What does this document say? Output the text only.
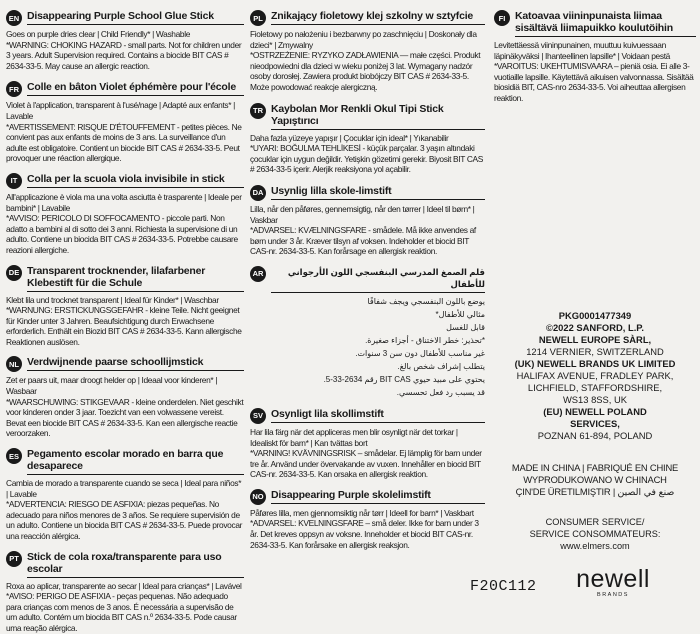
EN Disappearing Purple School Glue Stick

Goes on purple dries clear | Child Friendly* | Washable

*WARNING: CHOKING HAZARD - small parts. Not for children under 3 years. Adult Supervision required. Contains a biocide BIT CAS # 2634-33-5. May cause an allergic reaction.

FR Colle en bâton Violet éphémère pour l'école

Violet à l'application, transparent à l'usé/nage | Adapté aux enfants* | Lavable

*AVERTISSEMENT: RISQUE D'ÉTOUFFEMENT - petites pièces. Ne convient pas aux enfants de moins de 3 ans. La surveillance d'un adulte est obligatoire. Contient un biocide BIT CAS # 2634-33-5. Peut provoquer une réaction allergique.

IT Colla per la scuola viola invisibile in stick

All'applicazione è viola ma una volta asciutta è trasparente | Ideale per bambini* | Lavabile

*AVVISO: PERICOLO DI SOFFOCAMENTO - piccole parti. Non adatto a bambini al di sotto dei 3 anni. Richiesta la supervisione di un adulto. Contiene un biocida BIT CAS # 2634-33-5. Potrebbe causare reazioni allergiche.

DE Transparent trocknender, lilafarbener Klebestift für die Schule

Klebt lila und trocknet transparent | Ideal für Kinder* | Waschbar

*WARNUNG: ERSTICKUNGSGEFAHR - kleine Teile. Nicht geeignet für Kinder unter 3 Jahren. Beaufsichtigung durch Erwachsene erforderlich. Enthält ein Biozid BIT CAS # 2634-33-5. Kann allergische Reaktionen auslösen.

NL Verdwijnende paarse schoollijmstick

Zet er paars uit, maar droogt helder op | Ideaal voor kinderen* | Wasbaar

*WAARSCHUWING: STIKGEVAAR - kleine onderdelen. Niet geschikt voor kinderen onder 3 jaar. Toezicht van een volwassene vereist.

Bevat een biocide BIT CAS # 2634-33-5. Kan een allergische reactie veroorzaken.

ES Pegamento escolar morado en barra que desaparece

Cambia de morado a transparente cuando se seca | Ideal para niños* | Lavable

*ADVERTENCIA: RIESGO DE ASFIXIA: piezas pequeñas. No adecuado para niños menores de 3 años. Se requiere supervisión de un adulto. Contiene un biocida BIT CAS # 2634-33-5. Puede provocar una reacción alérgica.

PT Stick de cola roxa/transparente para uso escolar

Roxa ao aplicar, transparente ao secar | Ideal para crianças* | Lavável

*AVISO: PERIGO DE ASFIXIA - peças pequenas. Não adequado para crianças com menos de 3 anos. É necessária a supervisão de um adulto. Contém um biocida BIT CAS n.º 2634-33-5. Pode causar uma reação alérgica.

PL Znikający fioletowy klej szkolny w sztyfcie

Fioletowy po nałożeniu i bezbarwny po zaschnięciu | Doskonały dla dzieci* | Zmywalny

*OSTRZEŻENIE: RYZYKO ZADŁAWIENIA — małe części. Produkt nieodpowiedni dla dzieci w wieku poniżej 3 lat. Wymagany nadzór osoby dorosłej. Zawiera produkt biobójczy BIT CAS # 2634-33-5. Może powodować reakcje alergiczną.

TR Kaybolan Mor Renkli Okul Tipi Stick Yapıştırıcı

Daha fazla yüzeye yapışır | Çocuklar için ideal* | Yıkanabilir

*UYARI: BOĞULMA TEHLİKESİ - küçük parçalar. 3 yaşın altındaki çocuklar için uygun değildir. Yetişkin gözetimi gerekir. Biyosit BIT CAS # 2634-33-5 içerir. Alerjik reaksiyona yol açabilir.

DA Usynlig lilla skole-limstift

Lilla, når den påføres, gennemsigtig, når den tørrer | Ideel til børn* | Vaskbar

*ADVARSEL: KVÆLNINGSFARE - smådele. Må ikke anvendes af børn under 3 år. Kræver tilsyn af voksen. Indeholder et biocid BIT CAS-nr. 2634-33-5. Kan forårsage en allergisk reaktion.

AR	قلم الصمغ المدرسي البنفسجي اللون الأرجواني للأطفال
يوضع باللون البنفسجي ويجف شفافًا
مثالي للأطفال*
قابل للغسل
*تحذير: خطر الاختناق - أجزاء صغيرة.
غير مناسب للأطفال دون سن 3 سنوات.
يتطلب إشراف شخص بالغ.
يحتوي على مبيد حيوي BIT CAS رقم 2634-33-5.
قد يسبب رد فعل تحسسي.
SV Osynligt lila skollimstift

Har lila färg när det appliceras men blir osynligt när det torkar | Idealiskt för barn* | Kan tvättas bort

*VARNING! KVÄVNINGSRISK – smådelar. Ej lämplig för barn under tre år. Använd under övervakande av vuxen. Innehåller en biocid BIT CAS-nr. 2634-33-5. Kan orsaka en allergisk reaktion.

NO Disappearing Purple skolelimstift

Påføres lilla, men gjennomsiktig når tørr | Ideell for barn* | Vaskbart

*ADVARSEL: KVELNINGSFARE – små deler. Ikke for barn under 3 år. Det kreves oppsyn av voksne. Inneholder et biocid BIT CAS-nr. 2634-33-5. Kan forårsake en allergisk reaksjon.

FI Katoavaa viininpunaista liimaa sisältävä liimapuikko koulutöihin

Levitettäessä viininpunainen, muuttuu kuivuessaan läpinäkyväksi | Ihanteellinen lapsille* | Voidaan pestä

*VAROITUS: UKEHTUMISVAARA – pieniä osia. Ei alle 3-vuotiaille lapsille. Käytettävä aikuisen valvonnassa. Sisältää biosidiä BIT, CAS-nro 2634-33-5. Voi aiheuttaa allergisen reaktion.

PKG0001477349
©2022 SANFORD, L.P.
NEWELL EUROPE SÀRL,
1214 VERNIER, SWITZERLAND
(UK) NEWELL BRANDS UK LIMITED
HALIFAX AVENUE, FRADLEY PARK,
LICHFIELD, STAFFORDSHIRE,
WS13 8SS, UK
(EU) NEWELL POLAND
SERVICES,
POZNAN 61-894, POLAND
MADE IN CHINA | FABRIQUÉ EN CHINE
WYPRODUKOWANO W CHINACH
ÇIN'DE ÜRETILMIŞTIR | صنع في الصين
CONSUMER SERVICE/
SERVICE CONSOMMATEURS:
www.elmers.com
F20C112	newell
BRANDS
